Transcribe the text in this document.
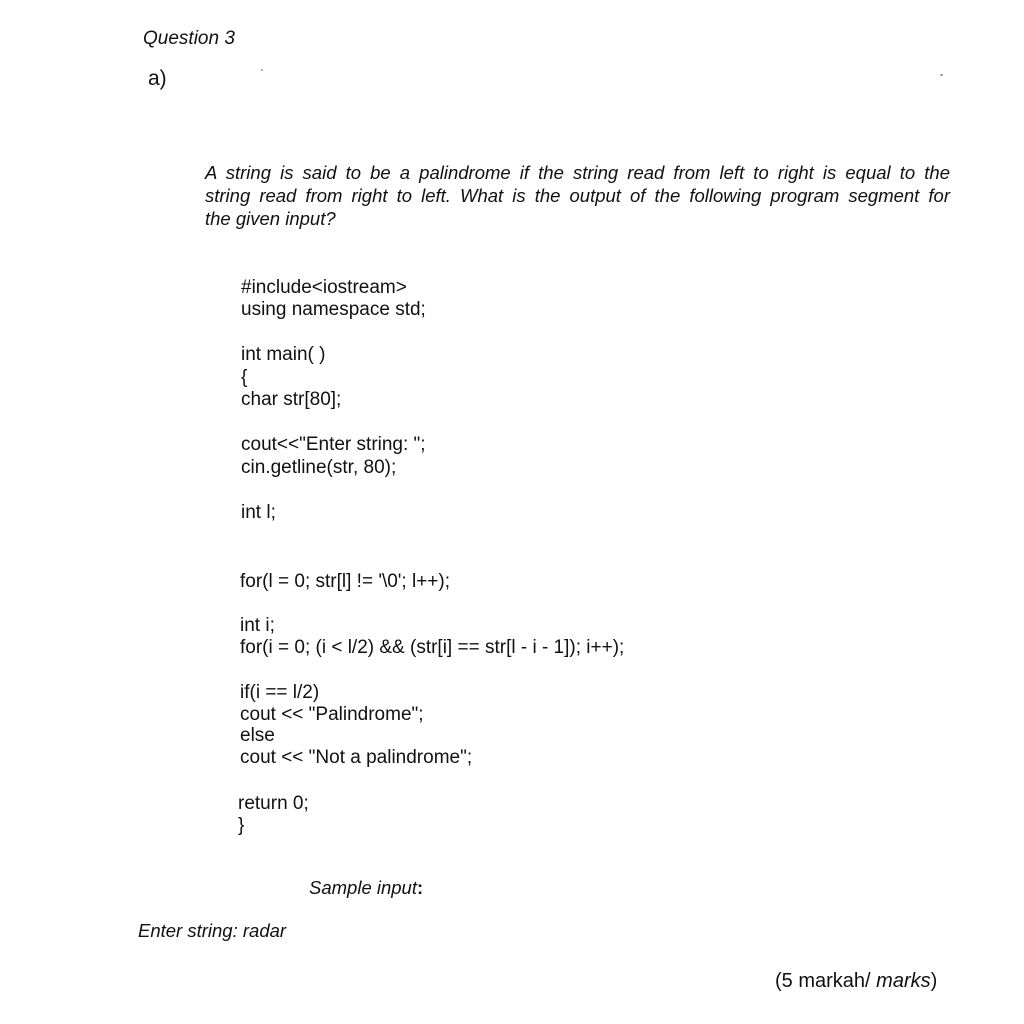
Question 3
a)
A string is said to be a palindrome if the string read from left to right is equal to the
string read from right to left. What is the output of the following program segment for
the given input?
#include<iostream>
using namespace std;
int main( )
{
char str[80];
cout<<"Enter string: ";
cin.getline(str, 80);
int l;
for(l = 0; str[l] != '\0'; l++);
int i;
for(i = 0; (i < l/2) && (str[i] == str[l - i - 1]); i++);
if(i == l/2)
cout << "Palindrome";
else
cout << "Not a palindrome";
return 0;
}
Sample input:
Enter string: radar
(5 markah/ marks)
